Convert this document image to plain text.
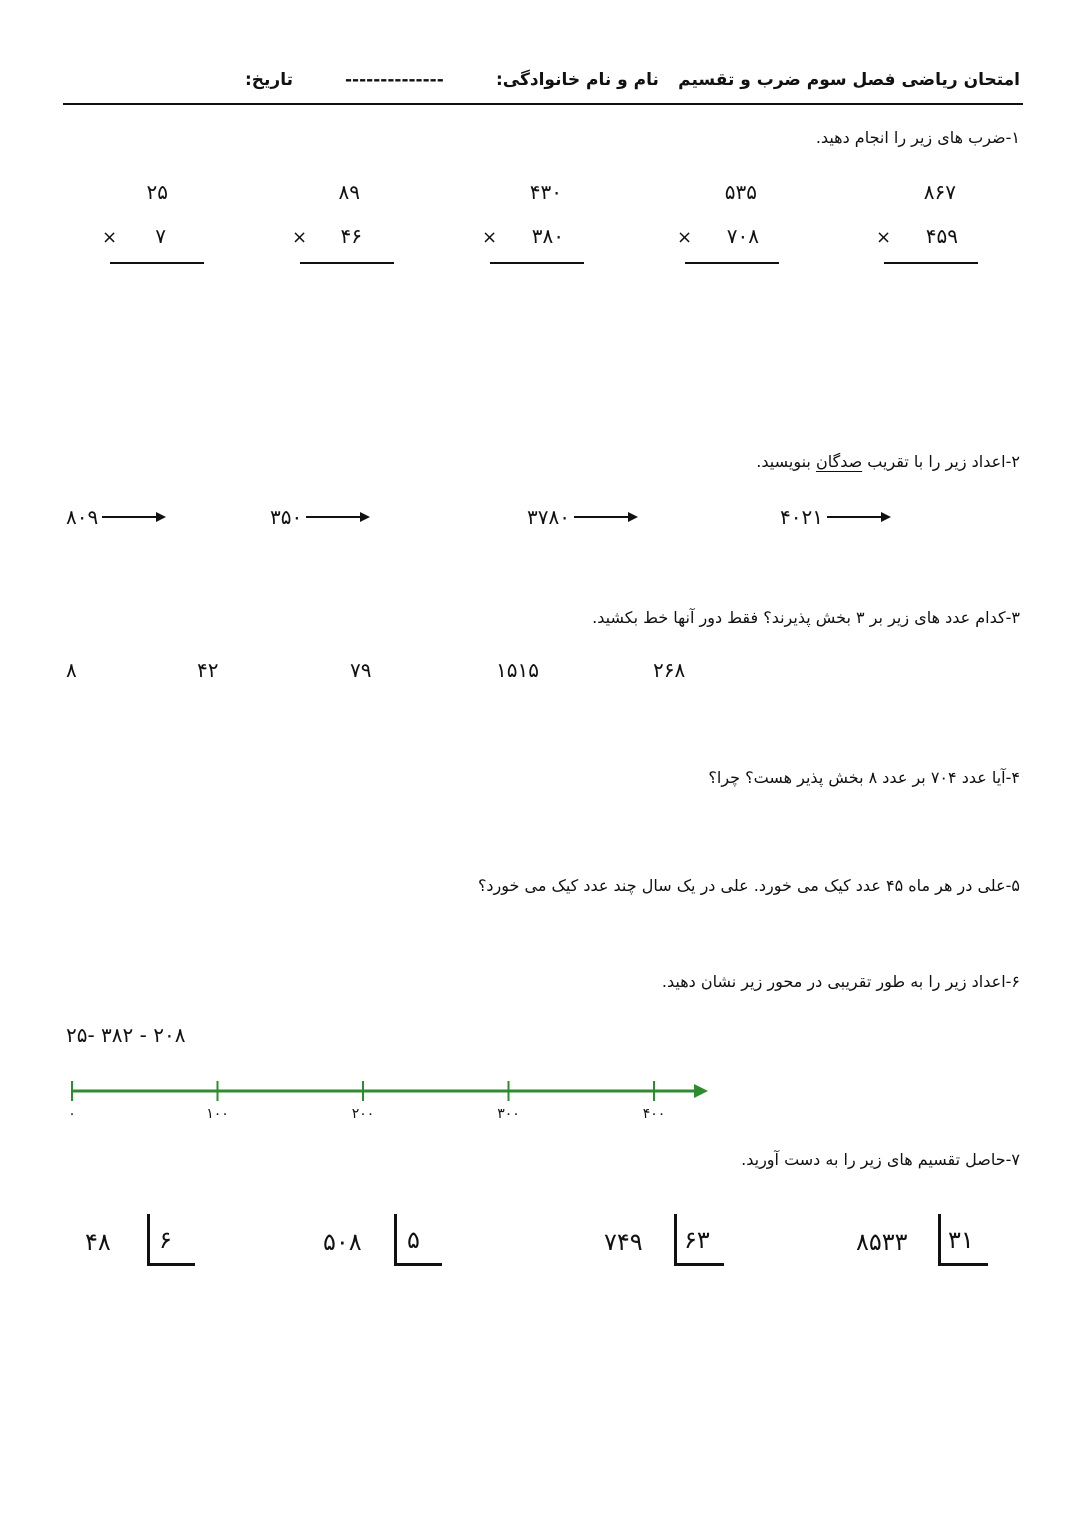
امتحان ریاضی فصل سوم ضرب و تقسیم
نام و نام خانوادگی:
--------------
تاریخ:
۱-ضرب های زیر را انجام دهید.
۸۶۷
× ۴۵۹
۵۳۵
× ۷۰۸
۴۳۰
× ۳۸۰
۸۹
× ۴۶
۲۵
× ۷
۲-اعداد زیر را با تقریب صدگان بنویسید.
۸۰۹	۳۵۰	۳۷۸۰	۴۰۲۱
۳-کدام عدد های زیر بر ۳ بخش پذیرند؟ فقط دور آنها خط بکشید.
۸	۴۲	۷۹	۱۵۱۵	۲۶۸
۴-آیا عدد ۷۰۴ بر عدد ۸ بخش پذیر هست؟ چرا؟
۵-علی در هر ماه ۴۵ عدد کیک می خورد. علی در یک سال چند عدد کیک می خورد؟
۶-اعداد زیر را به طور تقریبی در محور زیر نشان دهید.
۲۵- ۳۸۲ - ۲۰۸
۰	۱۰۰	۲۰۰	۳۰۰	۴۰۰
۷-حاصل تقسیم های زیر را به دست آورید.
۴۸ ۶	۵۰۸ ۵	۷۴۹ ۶۳	۸۵۳۳ ۳۱
